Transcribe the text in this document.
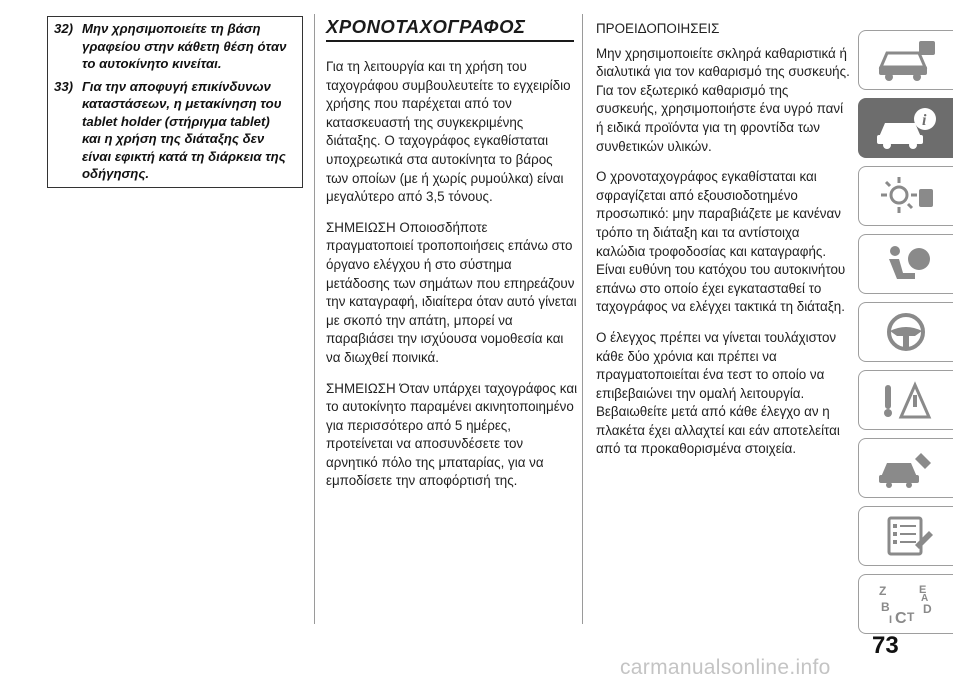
32) Μην χρησιμοποιείτε τη βάση γραφείου στην κάθετη θέση όταν το αυτοκίνητο κινείται.
33) Για την αποφυγή επικίνδυνων καταστάσεων, η μετακίνηση του tablet holder (στήριγμα tablet) και η χρήση της διάταξης δεν είναι εφικτή κατά τη διάρκεια της οδήγησης.
ΧΡΟΝΟΤΑΧΟΓΡΑΦΟΣ

Για τη λειτουργία και τη χρήση του ταχογράφου συμβουλευτείτε το εγχειρίδιο χρήσης που παρέχεται από τον κατασκευαστή της συγκεκριμένης διάταξης. Ο ταχογράφος εγκαθίσταται υποχρεωτικά στα αυτοκίνητα το βάρος των οποίων (με ή χωρίς ρυμούλκα) είναι μεγαλύτερο από 3,5 τόνους.

ΣΗΜΕΙΩΣΗ Οποιοσδήποτε πραγματοποιεί τροποποιήσεις επάνω στο όργανο ελέγχου ή στο σύστημα μετάδοσης των σημάτων που επηρεάζουν την καταγραφή, ιδιαίτερα όταν αυτό γίνεται με σκοπό την απάτη, μπορεί να παραβιάσει την ισχύουσα νομοθεσία και να διωχθεί ποινικά.

ΣΗΜΕΙΩΣΗ Όταν υπάρχει ταχογράφος και το αυτοκίνητο παραμένει ακινητοποιημένο για περισσότερο από 5 ημέρες, προτείνεται να αποσυνδέσετε τον αρνητικό πόλο της μπαταρίας, για να εμποδίσετε την αποφόρτισή της.

ΠΡΟΕΙΔΟΠΟΙΗΣΕΙΣ

Μην χρησιμοποιείτε σκληρά καθαριστικά ή διαλυτικά για τον καθαρισμό της συσκευής. Για τον εξωτερικό καθαρισμό της συσκευής, χρησιμοποιήστε ένα υγρό πανί ή ειδικά προϊόντα για τη φροντίδα των συνθετικών υλικών.

Ο χρονοταχογράφος εγκαθίσταται και σφραγίζεται από εξουσιοδοτημένο προσωπικό: μην παραβιάζετε με κανέναν τρόπο τη διάταξη και τα αντίστοιχα καλώδια τροφοδοσίας και καταγραφής. Είναι ευθύνη του κατόχου του αυτοκινήτου επάνω στο οποίο έχει εγκατασταθεί το ταχογράφος να ελέγχει τακτικά τη διάταξη.

Ο έλεγχος πρέπει να γίνεται τουλάχιστον κάθε δύο χρόνια και πρέπει να πραγματοποιείται ένα τεστ το οποίο να επιβεβαιώνει την ομαλή λειτουργία. Βεβαιωθείτε μετά από κάθε έλεγχο αν η πλακέτα έχει αλλαχτεί και εάν αποτελείται από τα προκαθορισμένα στοιχεία.

i
Z	E
B	D
I C T
A
73
carmanualsonline.info
